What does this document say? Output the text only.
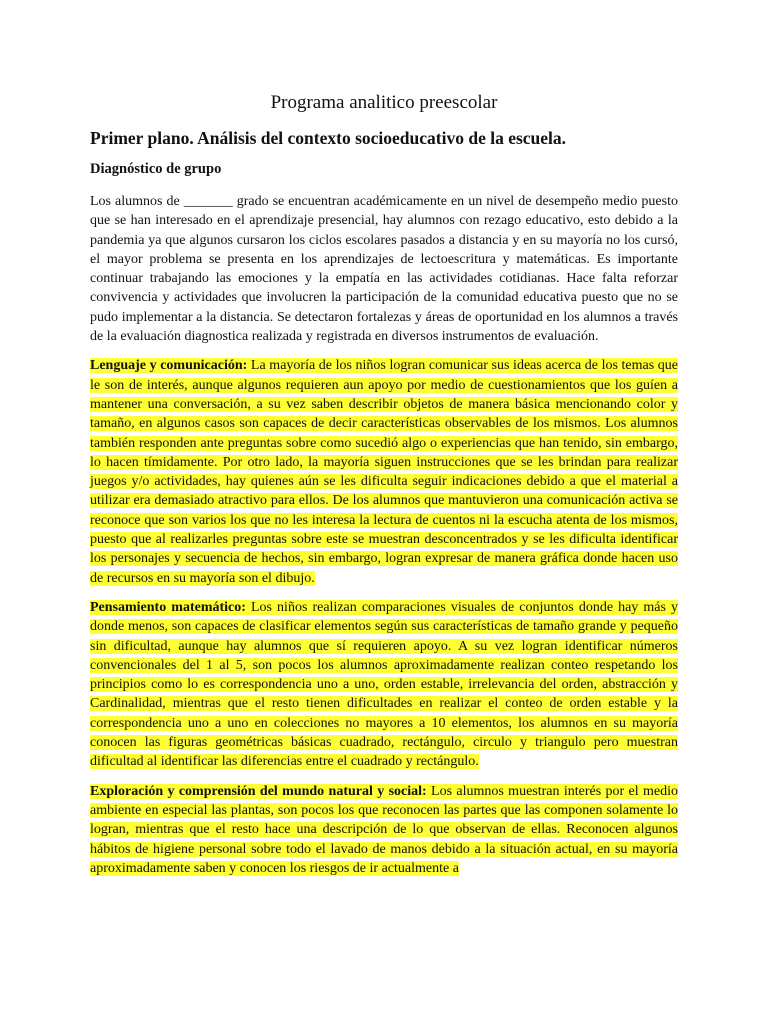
Programa analitico preescolar
Primer plano. Análisis del contexto socioeducativo de la escuela.
Diagnóstico de grupo

Los alumnos de _______ grado se encuentran académicamente en un nivel de desempeño medio puesto que se han interesado en el aprendizaje presencial, hay alumnos con rezago educativo, esto debido a la pandemia ya que algunos cursaron los ciclos escolares pasados a distancia y en su mayoría no los cursó, el mayor problema se presenta en los aprendizajes de lectoescritura y matemáticas. Es importante continuar trabajando las emociones y la empatía en las actividades cotidianas. Hace falta reforzar convivencia y actividades que involucren la participación de la comunidad educativa puesto que no se pudo implementar a la distancia. Se detectaron fortalezas y áreas de oportunidad en los alumnos a través de la evaluación diagnostica realizada y registrada en diversos instrumentos de evaluación.

Lenguaje y comunicación: La mayoría de los niños logran comunicar sus ideas acerca de los temas que le son de interés, aunque algunos requieren aun apoyo por medio de cuestionamientos que los guíen a mantener una conversación, a su vez saben describir objetos de manera básica mencionando color y tamaño, en algunos casos son capaces de decir características observables de los mismos. Los alumnos también responden ante preguntas sobre como sucedió algo o experiencias que han tenido, sin embargo, lo hacen tímidamente. Por otro lado, la mayoría siguen instrucciones que se les brindan para realizar juegos y/o actividades, hay quienes aún se les dificulta seguir indicaciones debido a que el material a utilizar era demasiado atractivo para ellos. De los alumnos que mantuvieron una comunicación activa se reconoce que son varios los que no les interesa la lectura de cuentos ni la escucha atenta de los mismos, puesto que al realizarles preguntas sobre este se muestran desconcentrados y se les dificulta identificar los personajes y secuencia de hechos, sin embargo, logran expresar de manera gráfica donde hacen uso de recursos en su mayoría son el dibujo.

Pensamiento matemático: Los niños realizan comparaciones visuales de conjuntos donde hay más y donde menos, son capaces de clasificar elementos según sus características de tamaño grande y pequeño sin dificultad, aunque hay alumnos que sí requieren apoyo. A su vez logran identificar números convencionales del 1 al 5, son pocos los alumnos aproximadamente realizan conteo respetando los principios como lo es correspondencia uno a uno, orden estable, irrelevancia del orden, abstracción y Cardinalidad, mientras que el resto tienen dificultades en realizar el conteo de orden estable y la correspondencia uno a uno en colecciones no mayores a 10 elementos, los alumnos en su mayoría conocen las figuras geométricas básicas cuadrado, rectángulo, circulo y triangulo pero muestran dificultad al identificar las diferencias entre el cuadrado y rectángulo.

Exploración y comprensión del mundo natural y social: Los alumnos muestran interés por el medio ambiente en especial las plantas, son pocos los que reconocen las partes que las componen solamente lo logran, mientras que el resto hace una descripción de lo que observan de ellas. Reconocen algunos hábitos de higiene personal sobre todo el lavado de manos debido a la situación actual, en su mayoría aproximadamente saben y conocen los riesgos de ir actualmente a
